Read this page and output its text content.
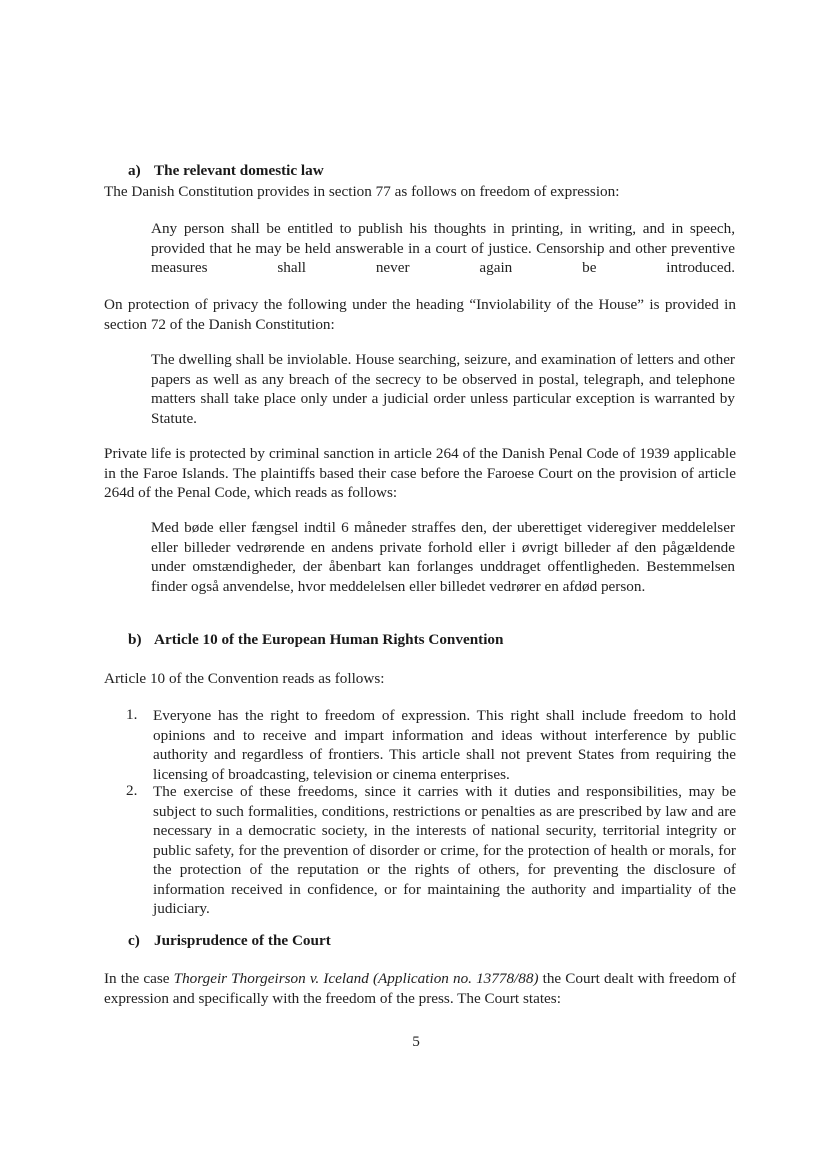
a) The relevant domestic law

The Danish Constitution provides in section 77 as follows on freedom of expression:

Any person shall be entitled to publish his thoughts in printing, in writing, and in speech, provided that he may be held answerable in a court of justice. Censorship and other preventive measures shall never again be introduced.

On protection of privacy the following under the heading “Inviolability of the House” is provided in section 72 of the Danish Constitution:

The dwelling shall be inviolable. House searching, seizure, and examination of letters and other papers as well as any breach of the secrecy to be observed in postal, telegraph, and telephone matters shall take place only under a judicial order unless particular exception is warranted by Statute.

Private life is protected by criminal sanction in article 264 of the Danish Penal Code of 1939 applicable in the Faroe Islands. The plaintiffs based their case before the Faroese Court on the provision of article 264d of the Penal Code, which reads as follows:

Med bøde eller fængsel indtil 6 måneder straffes den, der uberettiget videregiver meddelelser eller billeder vedrørende en andens private forhold eller i øvrigt billeder af den pågældende under omstændigheder, der åbenbart kan forlanges unddraget offentligheden. Bestemmelsen finder også anvendelse, hvor meddelelsen eller billedet vedrører en afdød person.

b) Article 10 of the European Human Rights Convention

Article 10 of the Convention reads as follows:

1.	Everyone has the right to freedom of expression. This right shall include freedom to hold opinions and to receive and impart information and ideas without interference by public authority and regardless of frontiers. This article shall not prevent States from requiring the licensing of broadcasting, television or cinema enterprises.

2.	The exercise of these freedoms, since it carries with it duties and responsibilities, may be subject to such formalities, conditions, restrictions or penalties as are prescribed by law and are necessary in a democratic society, in the interests of national security, territorial integrity or public safety, for the prevention of disorder or crime, for the protection of health or morals, for the protection of the reputation or the rights of others, for preventing the disclosure of information received in confidence, or for maintaining the authority and impartiality of the judiciary.

c) Jurisprudence of the Court

In the case Thorgeir Thorgeirson v. Iceland (Application no. 13778/88) the Court dealt with freedom of expression and specifically with the freedom of the press. The Court states:

5
